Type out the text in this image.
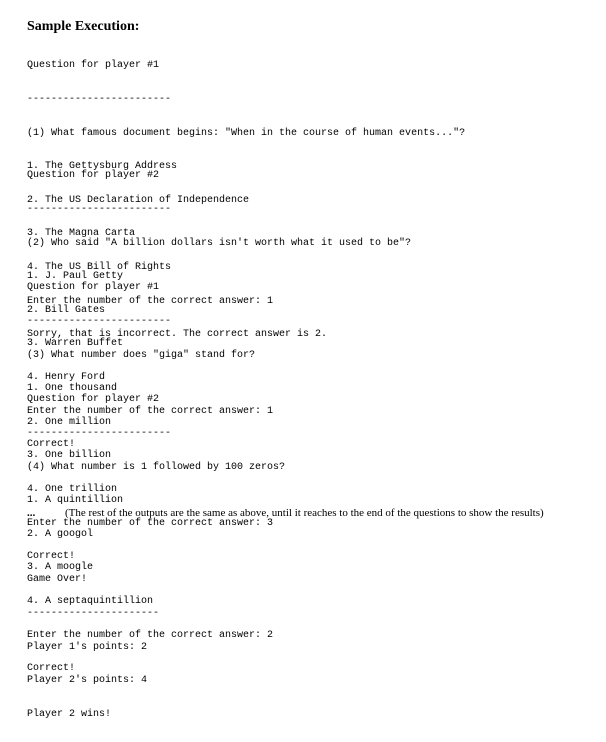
Sample Execution:

Question for player #1

------------------------

(1) What famous document begins: "When in the course of human events..."?

1. The Gettysburg Address

2. The US Declaration of Independence

3. The Magna Carta

4. The US Bill of Rights

Enter the number of the correct answer: 1

Sorry, that is incorrect. The correct answer is 2.

Question for player #2

------------------------

(2) Who said "A billion dollars isn't worth what it used to be"?

1. J. Paul Getty

2. Bill Gates

3. Warren Buffet

4. Henry Ford

Enter the number of the correct answer: 1

Correct!

Question for player #1

------------------------

(3) What number does "giga" stand for?

1. One thousand

2. One million

3. One billion

4. One trillion

Enter the number of the correct answer: 3

Correct!

Question for player #2

------------------------

(4) What number is 1 followed by 100 zeros?

1. A quintillion

2. A googol

3. A moogle

4. A septaquintillion

Enter the number of the correct answer: 2

Correct!

...	(The rest of the outputs are the same as above, until it reaches to the end of the questions to show the results)

Game Over!

----------------------

Player 1's points: 2

Player 2's points: 4

Player 2 wins!
